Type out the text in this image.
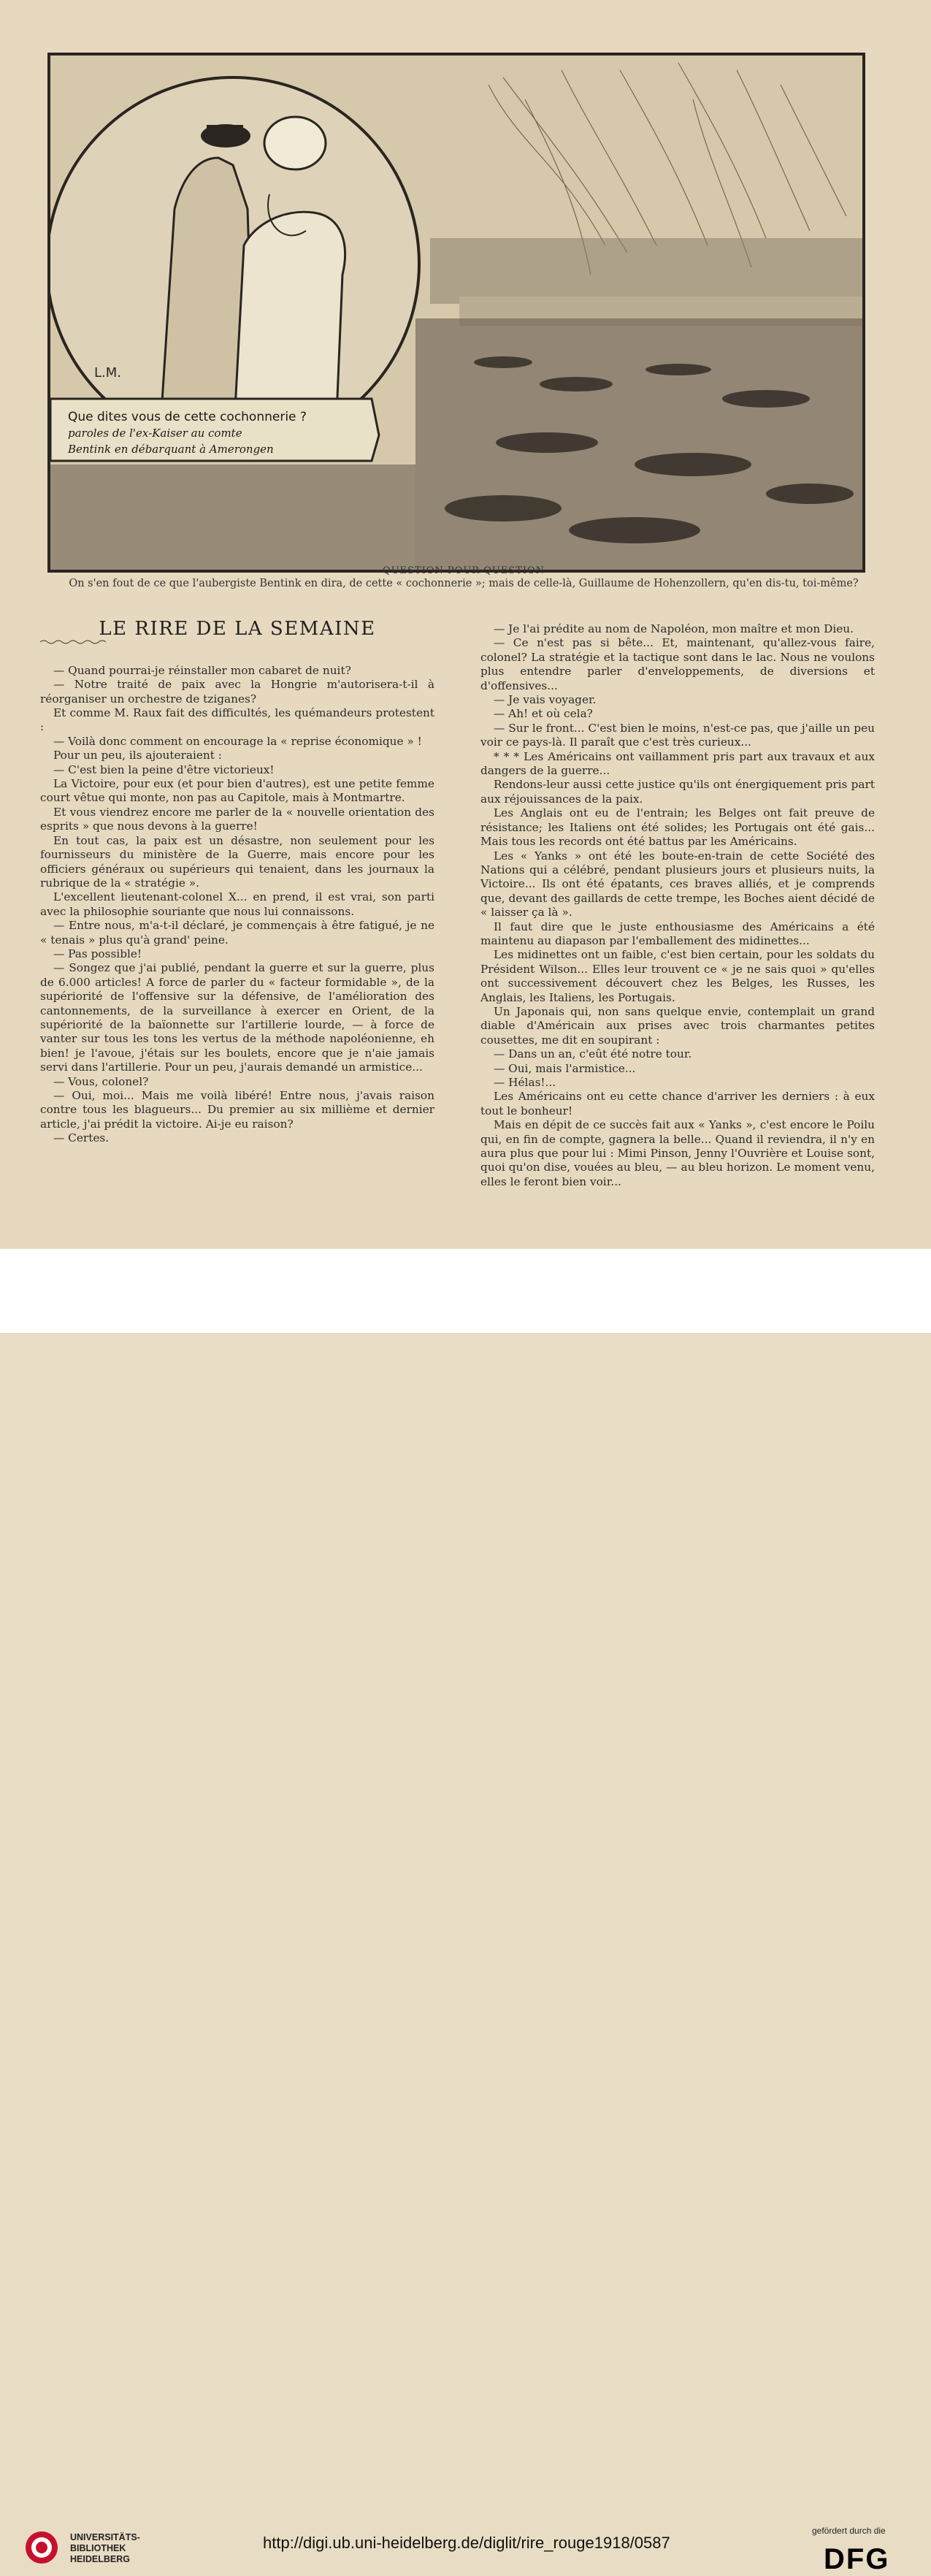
L.M.
Que dites vous de cette cochonnerie ?
paroles de l'ex-Kaiser au comte
Bentink en débarquant à Amerongen
QUESTION POUR QUESTION
On s'en fout de ce que l'aubergiste Bentink en dira, de cette « cochonnerie »; mais de celle-là, Guillaume de Hohenzollern, qu'en dis-tu, toi-même?
LE RIRE DE LA SEMAINE

— Quand pourrai-je réinstaller mon cabaret de nuit?

— Notre traité de paix avec la Hongrie m'autorisera-t-il à réorganiser un orchestre de tziganes?

Et comme M. Raux fait des difficultés, les quémandeurs protestent :

— Voilà donc comment on encourage la « reprise économique » !

Pour un peu, ils ajouteraient :

— C'est bien la peine d'être victorieux!

La Victoire, pour eux (et pour bien d'autres), est une petite femme court vêtue qui monte, non pas au Capitole, mais à Montmartre.

Et vous viendrez encore me parler de la « nouvelle orientation des esprits » que nous devons à la guerre!

En tout cas, la paix est un désastre, non seulement pour les fournisseurs du ministère de la Guerre, mais encore pour les officiers généraux ou supérieurs qui tenaient, dans les journaux la rubrique de la « stratégie ».

L'excellent lieutenant-colonel X... en prend, il est vrai, son parti avec la philosophie souriante que nous lui connaissons.

— Entre nous, m'a-t-il déclaré, je commençais à être fatigué, je ne « tenais » plus qu'à grand' peine.

— Pas possible!

— Songez que j'ai publié, pendant la guerre et sur la guerre, plus de 6.000 articles! A force de parler du « facteur formidable », de la supériorité de l'offensive sur la défensive, de l'amélioration des cantonnements, de la surveillance à exercer en Orient, de la supériorité de la baïonnette sur l'artillerie lourde, — à force de vanter sur tous les tons les vertus de la méthode napoléonienne, eh bien! je l'avoue, j'étais sur les boulets, encore que je n'aie jamais servi dans l'artillerie. Pour un peu, j'aurais demandé un armistice...

— Vous, colonel?

— Oui, moi... Mais me voilà libéré! Entre nous, j'avais raison contre tous les blagueurs... Du premier au six millième et dernier article, j'ai prédit la victoire. Ai-je eu raison?

— Certes.

— Je l'ai prédite au nom de Napoléon, mon maître et mon Dieu.

— Ce n'est pas si bête... Et, maintenant, qu'allez-vous faire, colonel? La stratégie et la tactique sont dans le lac. Nous ne voulons plus entendre parler d'enveloppements, de diversions et d'offensives...

— Je vais voyager.

— Ah! et où cela?

— Sur le front... C'est bien le moins, n'est-ce pas, que j'aille un peu voir ce pays-là. Il paraît que c'est très curieux...

* * * Les Américains ont vaillamment pris part aux travaux et aux dangers de la guerre...

Rendons-leur aussi cette justice qu'ils ont énergiquement pris part aux réjouissances de la paix.

Les Anglais ont eu de l'entrain; les Belges ont fait preuve de résistance; les Italiens ont été solides; les Portugais ont été gais... Mais tous les records ont été battus par les Américains.

Les « Yanks » ont été les boute-en-train de cette Société des Nations qui a célébré, pendant plusieurs jours et plusieurs nuits, la Victoire... Ils ont été épatants, ces braves alliés, et je comprends que, devant des gaillards de cette trempe, les Boches aient décidé de « laisser ça là ».

Il faut dire que le juste enthousiasme des Américains a été maintenu au diapason par l'emballement des midinettes...

Les midinettes ont un faible, c'est bien certain, pour les soldats du Président Wilson... Elles leur trouvent ce « je ne sais quoi » qu'elles ont successivement découvert chez les Belges, les Russes, les Anglais, les Italiens, les Portugais.

Un Japonais qui, non sans quelque envie, contemplait un grand diable d'Américain aux prises avec trois charmantes petites cousettes, me dit en soupirant :

— Dans un an, c'eût été notre tour.

— Oui, mais l'armistice...

— Hélas!...

Les Américains ont eu cette chance d'arriver les derniers : à eux tout le bonheur!

Mais en dépit de ce succès fait aux « Yanks », c'est encore le Poilu qui, en fin de compte, gagnera la belle... Quand il reviendra, il n'y en aura plus que pour lui : Mimi Pinson, Jenny l'Ouvrière et Louise sont, quoi qu'on dise, vouées au bleu, — au bleu horizon. Le moment venu, elles le feront bien voir...

UNIVERSITÄTS-
BIBLIOTHEK
HEIDELBERG
http://digi.ub.uni-heidelberg.de/diglit/rire_rouge1918/0587
gefördert durch die
DFG
